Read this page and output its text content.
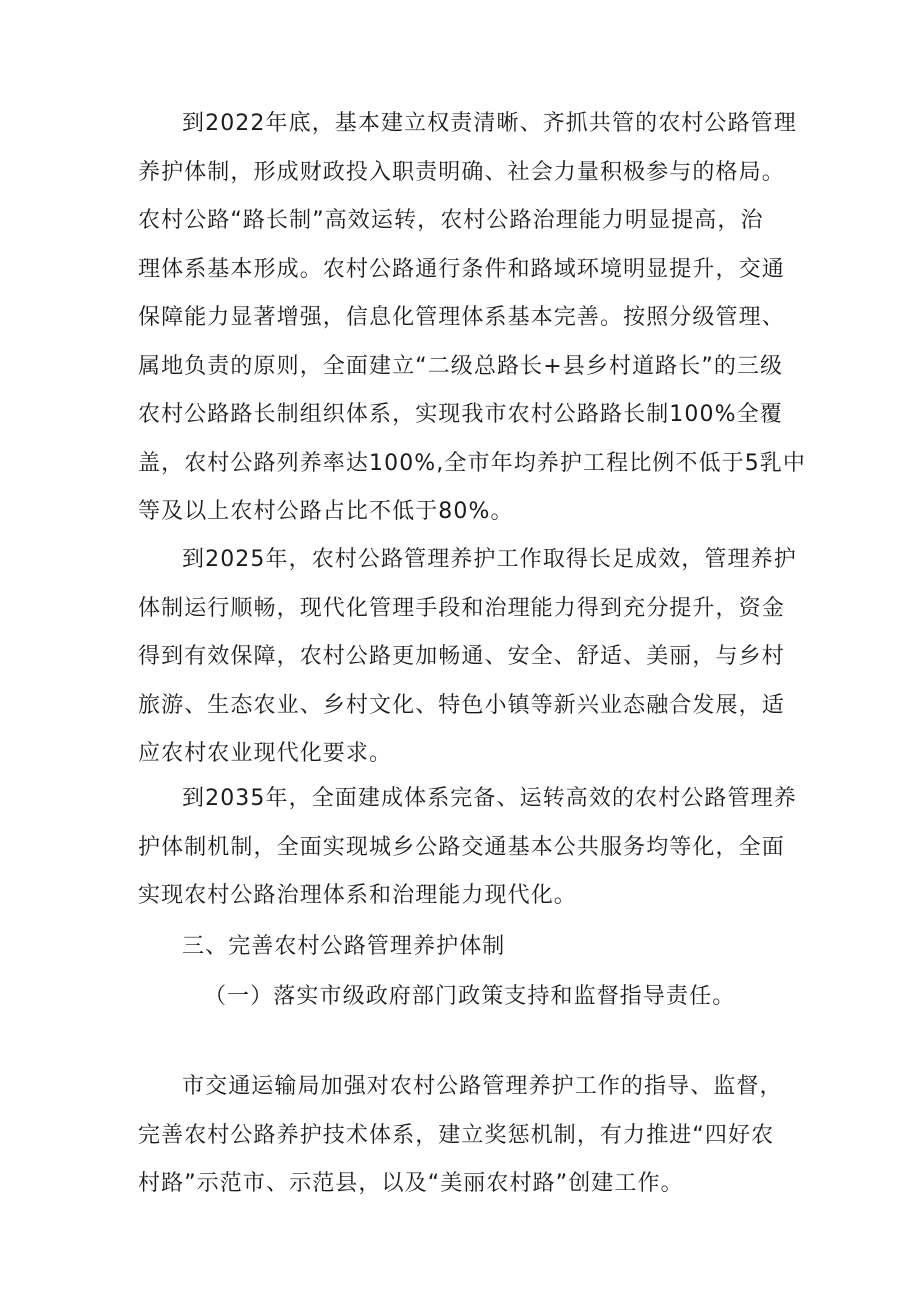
到2022年底，基本建立权责清晰、齐抓共管的农村公路管理
养护体制，形成财政投入职责明确、社会力量积极参与的格局。
农村公路“路长制”高效运转，农村公路治理能力明显提高，治
理体系基本形成。农村公路通行条件和路域环境明显提升，交通
保障能力显著增强，信息化管理体系基本完善。按照分级管理、
属地负责的原则，全面建立“二级总路长+县乡村道路长”的三级
农村公路路长制组织体系，实现我市农村公路路长制100%全覆
盖，农村公路列养率达100%,全市年均养护工程比例不低于5乳中
等及以上农村公路占比不低于80%。
到2025年，农村公路管理养护工作取得长足成效，管理养护
体制运行顺畅，现代化管理手段和治理能力得到充分提升，资金
得到有效保障，农村公路更加畅通、安全、舒适、美丽，与乡村
旅游、生态农业、乡村文化、特色小镇等新兴业态融合发展，适
应农村农业现代化要求。
到2035年，全面建成体系完备、运转高效的农村公路管理养
护体制机制，全面实现城乡公路交通基本公共服务均等化，全面
实现农村公路治理体系和治理能力现代化。
三、完善农村公路管理养护体制
（一）落实市级政府部门政策支持和监督指导责任。
市交通运输局加强对农村公路管理养护工作的指导、监督，
完善农村公路养护技术体系，建立奖惩机制，有力推进“四好农
村路”示范市、示范县，以及“美丽农村路”创建工作。
